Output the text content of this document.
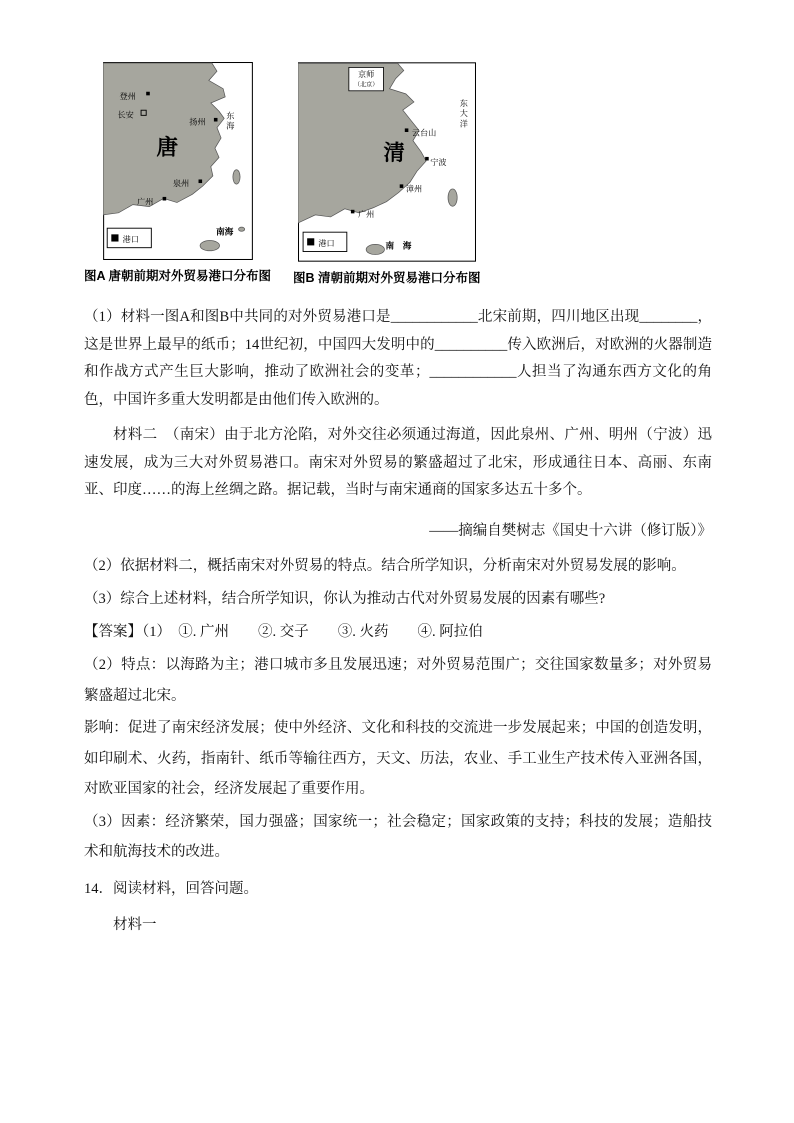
登州
长安
唐
扬州	东海
泉州
广州
南海
港口
图A 唐朝前期对外贸易港口分布图
京师
（北京）
东大洋
云台山
清	宁波
漳州
广州
南　海
港口
图B 清朝前期对外贸易港口分布图

（1）材料一图A和图B中共同的对外贸易港口是____________北宋前期，四川地区出现________，这是世界上最早的纸币；14世纪初，中国四大发明中的__________传入欧洲后，对欧洲的火器制造和作战方式产生巨大影响，推动了欧洲社会的变革；____________人担当了沟通东西方文化的角色，中国许多重大发明都是由他们传入欧洲的。

材料二　（南宋）由于北方沦陷，对外交往必须通过海道，因此泉州、广州、明州（宁波）迅速发展，成为三大对外贸易港口。南宋对外贸易的繁盛超过了北宋，形成通往日本、高丽、东南亚、印度……的海上丝绸之路。据记载，当时与南宋通商的国家多达五十多个。

——摘编自樊树志《国史十六讲（修订版）》

（2）依据材料二，概括南宋对外贸易的特点。结合所学知识，分析南宋对外贸易发展的影响。

（3）综合上述材料，结合所学知识，你认为推动古代对外贸易发展的因素有哪些?

【答案】（1）　①. 广州　　②. 交子　　③. 火药　　④. 阿拉伯

（2）特点：以海路为主；港口城市多且发展迅速；对外贸易范围广；交往国家数量多；对外贸易繁盛超过北宋。

影响：促进了南宋经济发展；使中外经济、文化和科技的交流进一步发展起来；中国的创造发明，如印刷术、火药，指南针、纸币等输往西方，天文、历法，农业、手工业生产技术传入亚洲各国，对欧亚国家的社会，经济发展起了重要作用。

（3）因素：经济繁荣，国力强盛；国家统一；社会稳定；国家政策的支持；科技的发展；造船技术和航海技术的改进。

14．阅读材料，回答问题。

材料一
